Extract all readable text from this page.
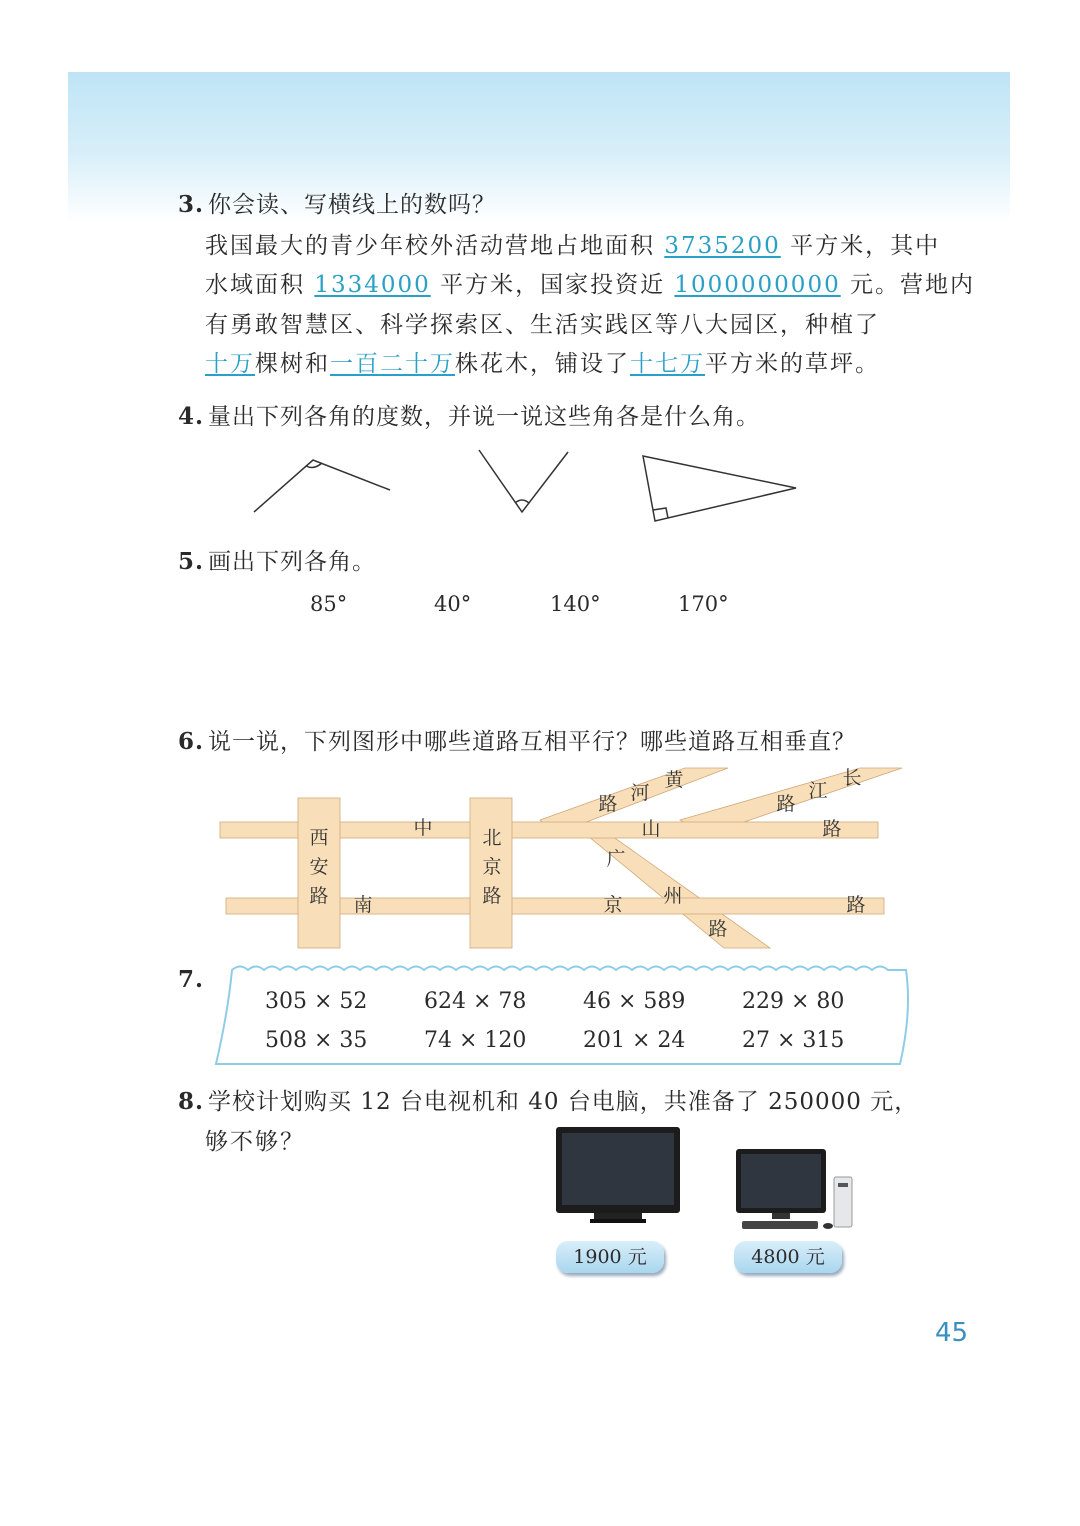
3. 你会读、写横线上的数吗？
我国最大的青少年校外活动营地占地面积 3735200 平方米，其中
水域面积 1334000 平方米，国家投资近 1000000000 元。营地内
有勇敢智慧区、科学探索区、生活实践区等八大园区，种植了
十万棵树和一百二十万株花木，铺设了十七万平方米的草坪。
4. 量出下列各角的度数，并说一说这些角各是什么角。
5. 画出下列各角。
85°	40°	140°	170°
6. 说一说，下列图形中哪些道路互相平行？哪些道路互相垂直？
西
安
路
北
京
路
中
南
山	路
路
黄
河
路
长
江
路
广
京 州
路
7.
305 × 52	624 × 78	46 × 589	229 × 80
508 × 35	74 × 120	201 × 24	27 × 315
8. 学校计划购买 12 台电视机和 40 台电脑，共准备了 250000 元，
够不够？
1900 元	4800 元
45
